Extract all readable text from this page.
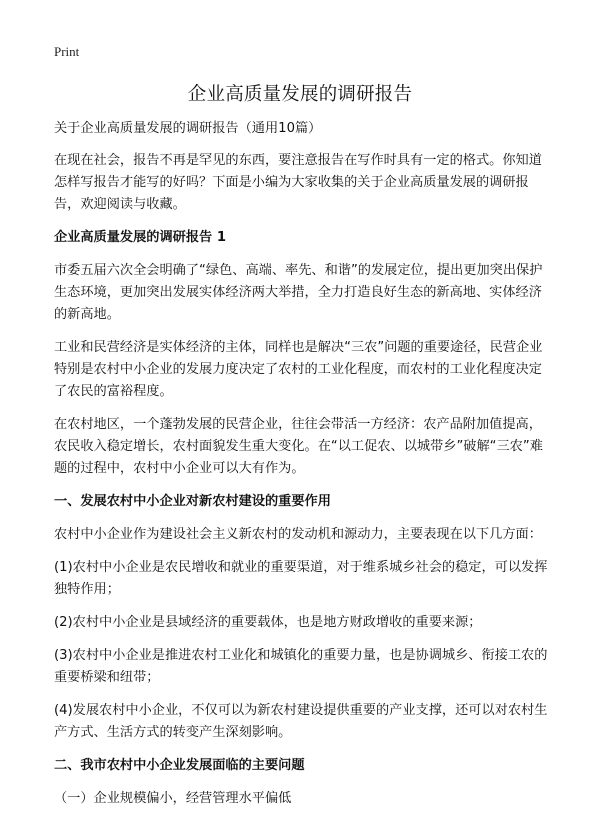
Print
企业高质量发展的调研报告

关于企业高质量发展的调研报告（通用10篇）

在现在社会，报告不再是罕见的东西，要注意报告在写作时具有一定的格式。你知道怎样写报告才能写的好吗？下面是小编为大家收集的关于企业高质量发展的调研报告，欢迎阅读与收藏。

企业高质量发展的调研报告 1

市委五届六次全会明确了“绿色、高端、率先、和谐”的发展定位，提出更加突出保护生态环境，更加突出发展实体经济两大举措，全力打造良好生态的新高地、实体经济的新高地。

工业和民营经济是实体经济的主体，同样也是解决“三农”问题的重要途径，民营企业特别是农村中小企业的发展力度决定了农村的工业化程度，而农村的工业化程度决定了农民的富裕程度。

在农村地区，一个蓬勃发展的民营企业，往往会带活一方经济：农产品附加值提高，农民收入稳定增长，农村面貌发生重大变化。在“以工促农、以城带乡”破解“三农”难题的过程中，农村中小企业可以大有作为。

一、发展农村中小企业对新农村建设的重要作用

农村中小企业作为建设社会主义新农村的发动机和源动力，主要表现在以下几方面：

(1)农村中小企业是农民增收和就业的重要渠道，对于维系城乡社会的稳定，可以发挥独特作用；

(2)农村中小企业是县域经济的重要载体，也是地方财政增收的重要来源；

(3)农村中小企业是推进农村工业化和城镇化的重要力量，也是协调城乡、衔接工农的重要桥梁和纽带；

(4)发展农村中小企业，不仅可以为新农村建设提供重要的产业支撑，还可以对农村生产方式、生活方式的转变产生深刻影响。

二、我市农村中小企业发展面临的主要问题

（一）企业规模偏小，经营管理水平偏低
